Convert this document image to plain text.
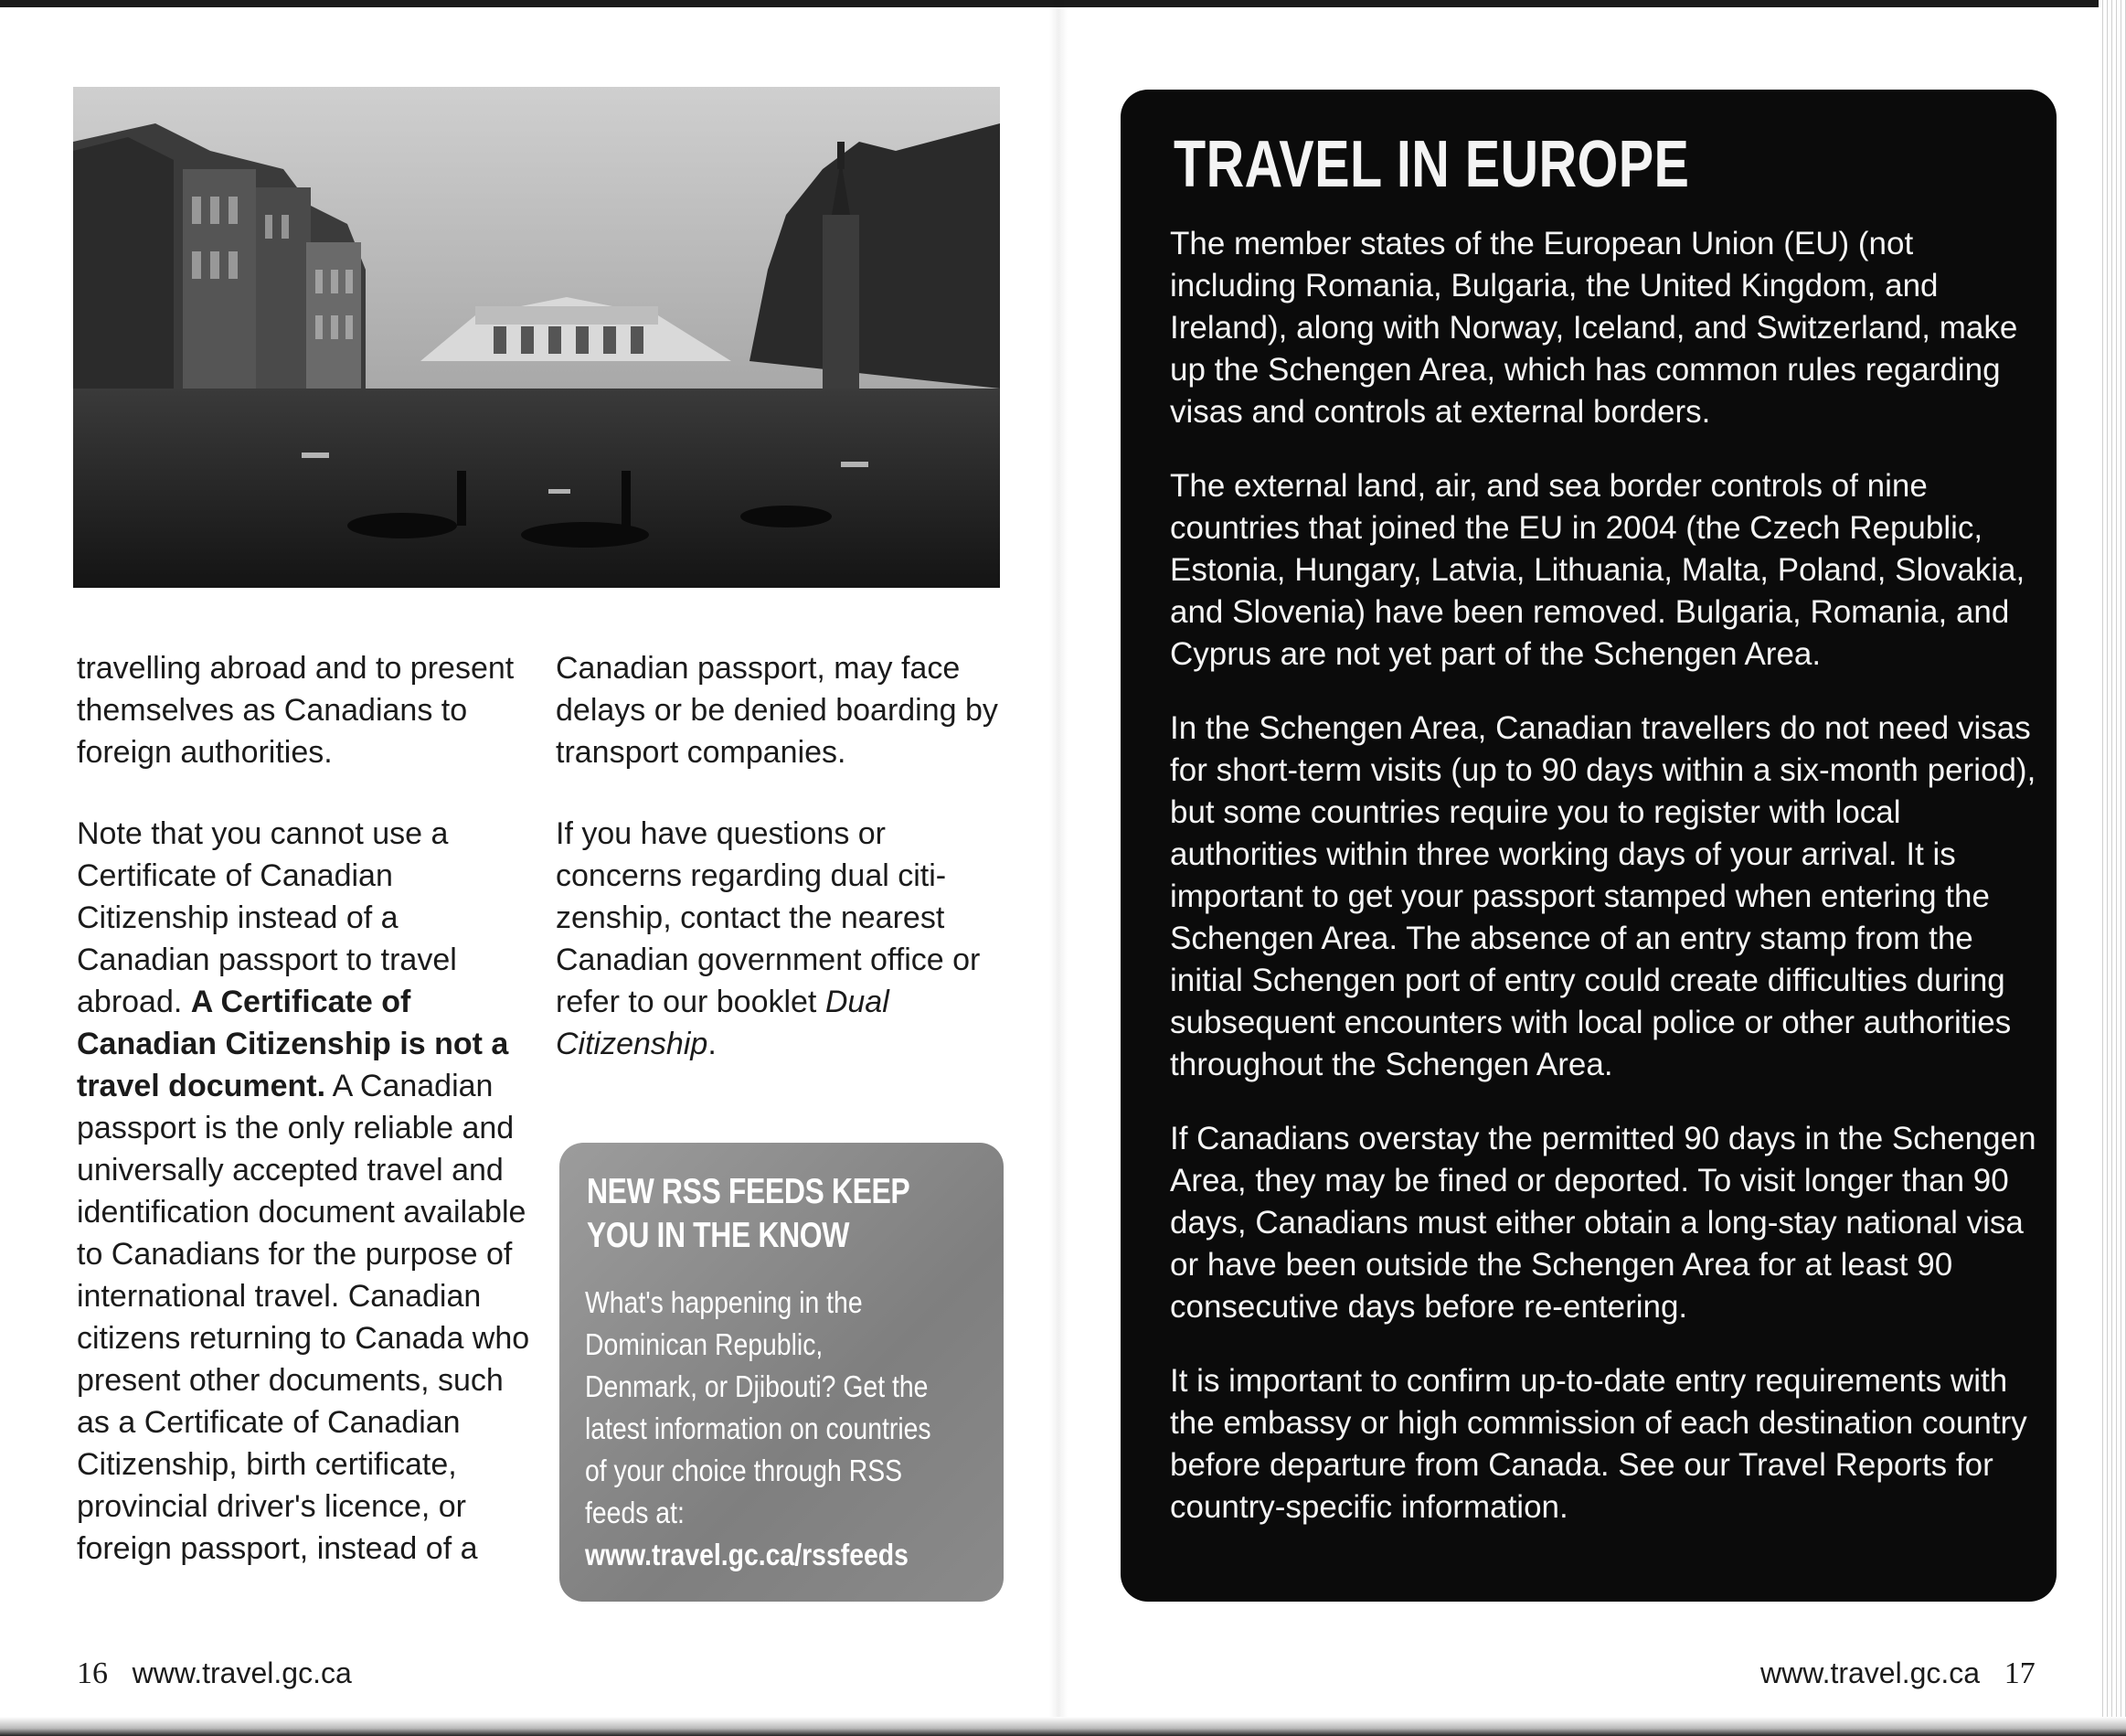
travelling abroad and to present themselves as Canadians to foreign authorities.

Note that you cannot use a Certificate of Canadian Citizenship instead of a Canadian passport to travel abroad. A Certificate of Canadian Citizenship is not a travel document. A Canadian passport is the only reliable and universally accepted travel and identification document available to Canadians for the purpose of international travel. Canadian citizens returning to Canada who present other documents, such as a Certificate of Canadian Citizenship, birth certificate, provincial driver's licence, or foreign passport, instead of a

Canadian passport, may face delays or be denied boarding by transport companies.

If you have questions or concerns regarding dual citi-zenship, contact the nearest Canadian government office or refer to our booklet Dual Citizenship.

NEW RSS FEEDS KEEP YOU IN THE KNOW
What's happening in the Dominican Republic, Denmark, or Djibouti? Get the latest information on countries of your choice through RSS feeds at: www.travel.gc.ca/rssfeeds
TRAVEL IN EUROPE

The member states of the European Union (EU) (not including Romania, Bulgaria, the United Kingdom, and Ireland), along with Norway, Iceland, and Switzerland, make up the Schengen Area, which has common rules regarding visas and controls at external borders.

The external land, air, and sea border controls of nine countries that joined the EU in 2004 (the Czech Republic, Estonia, Hungary, Latvia, Lithuania, Malta, Poland, Slovakia, and Slovenia) have been removed. Bulgaria, Romania, and Cyprus are not yet part of the Schengen Area.

In the Schengen Area, Canadian travellers do not need visas for short-term visits (up to 90 days within a six-month period), but some countries require you to register with local authorities within three working days of your arrival. It is important to get your passport stamped when entering the Schengen Area. The absence of an entry stamp from the initial Schengen port of entry could create difficulties during subsequent encounters with local police or other authorities throughout the Schengen Area.

If Canadians overstay the permitted 90 days in the Schengen Area, they may be fined or deported. To visit longer than 90 days, Canadians must either obtain a long-stay national visa or have been outside the Schengen Area for at least 90 consecutive days before re-entering.

It is important to confirm up-to-date entry requirements with the embassy or high commission of each destination country before departure from Canada. See our Travel Reports for country-specific information.

16 www.travel.gc.ca	www.travel.gc.ca 17
